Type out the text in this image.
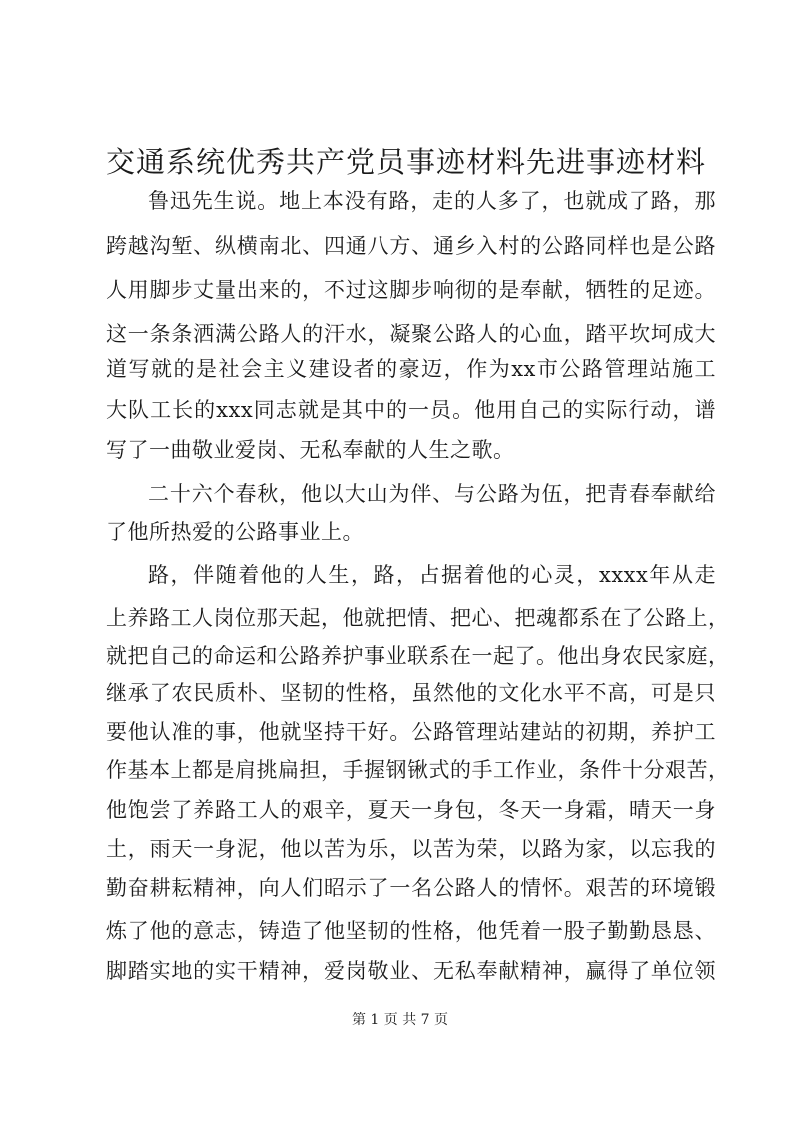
交通系统优秀共产党员事迹材料先进事迹材料
鲁迅先生说。地上本没有路，走的人多了，也就成了路，那
跨越沟堑、纵横南北、四通八方、通乡入村的公路同样也是公路
人用脚步丈量出来的，不过这脚步响彻的是奉献，牺牲的足迹。
这一条条洒满公路人的汗水，凝聚公路人的心血，踏平坎坷成大
道写就的是社会主义建设者的豪迈，作为xx市公路管理站施工
大队工长的xxx同志就是其中的一员。他用自己的实际行动，谱
写了一曲敬业爱岗、无私奉献的人生之歌。
二十六个春秋，他以大山为伴、与公路为伍，把青春奉献给
了他所热爱的公路事业上。
路，伴随着他的人生，路，占据着他的心灵，xxxx年从走
上养路工人岗位那天起，他就把情、把心、把魂都系在了公路上，
就把自己的命运和公路养护事业联系在一起了。他出身农民家庭，
继承了农民质朴、坚韧的性格，虽然他的文化水平不高，可是只
要他认准的事，他就坚持干好。公路管理站建站的初期，养护工
作基本上都是肩挑扁担，手握钢锹式的手工作业，条件十分艰苦，
他饱尝了养路工人的艰辛，夏天一身包，冬天一身霜，晴天一身
土，雨天一身泥，他以苦为乐，以苦为荣，以路为家，以忘我的
勤奋耕耘精神，向人们昭示了一名公路人的情怀。艰苦的环境锻
炼了他的意志，铸造了他坚韧的性格，他凭着一股子勤勤恳恳、
脚踏实地的实干精神，爱岗敬业、无私奉献精神，赢得了单位领
第 1 页 共 7 页
